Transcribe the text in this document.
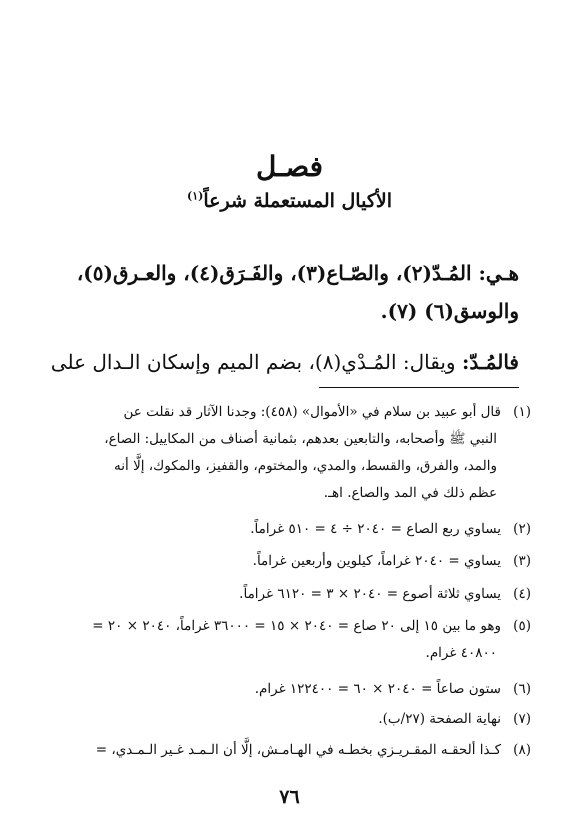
فصـل
الأكيال المستعملة شرعاً$^{(١)}$
هـي: المُـدّ(٢)، والصّـاع(٣)، والفَـرَق(٤)، والعـرق(٥)،
والوسق(٦) (٧).
فالمُـدّ: ويقال: المُـدْي(٨)، بضم الميم وإسكان الـدال على
(١)قال أبو عبيد بن سلام في «الأموال» (٤٥٨): وجدنا الآثار قد نقلت عن
النبي ﷺ وأصحابه، والتابعين بعدهم، بثمانية أصناف من المكاييل: الصاع،
والمد، والفرق، والقسط، والمدي، والمختوم، والقفيز، والمكوك، إلَّا أنه
عظم ذلك في المد والصاع. اهـ.
(٢)يساوي ربع الصاع = ٢٠٤٠ ÷ ٤ = ٥١٠ غراماً.
(٣)يساوي = ٢٠٤٠ غراماً، كيلوين وأربعين غراماً.
(٤)يساوي ثلاثة أصوع = ٢٠٤٠ × ٣ = ٦١٢٠ غراماً.
(٥)وهو ما بين ١٥ إلى ٢٠ صاع = ٢٠٤٠ × ١٥ = ٣٦٠٠٠ غراماً، ٢٠٤٠ × ٢٠ =
٤٠٨٠٠ غرام.
(٦)ستون صاعاً = ٢٠٤٠ × ٦٠ = ١٢٢٤٠٠ غرام.
(٧)نهاية الصفحة (٢٧/ب).
(٨)كـذا ألحقـه المقـريـزي بخطـه في الهـامـش، إلَّا أن الـمـد غـير الـمـدي، =
٧٦
